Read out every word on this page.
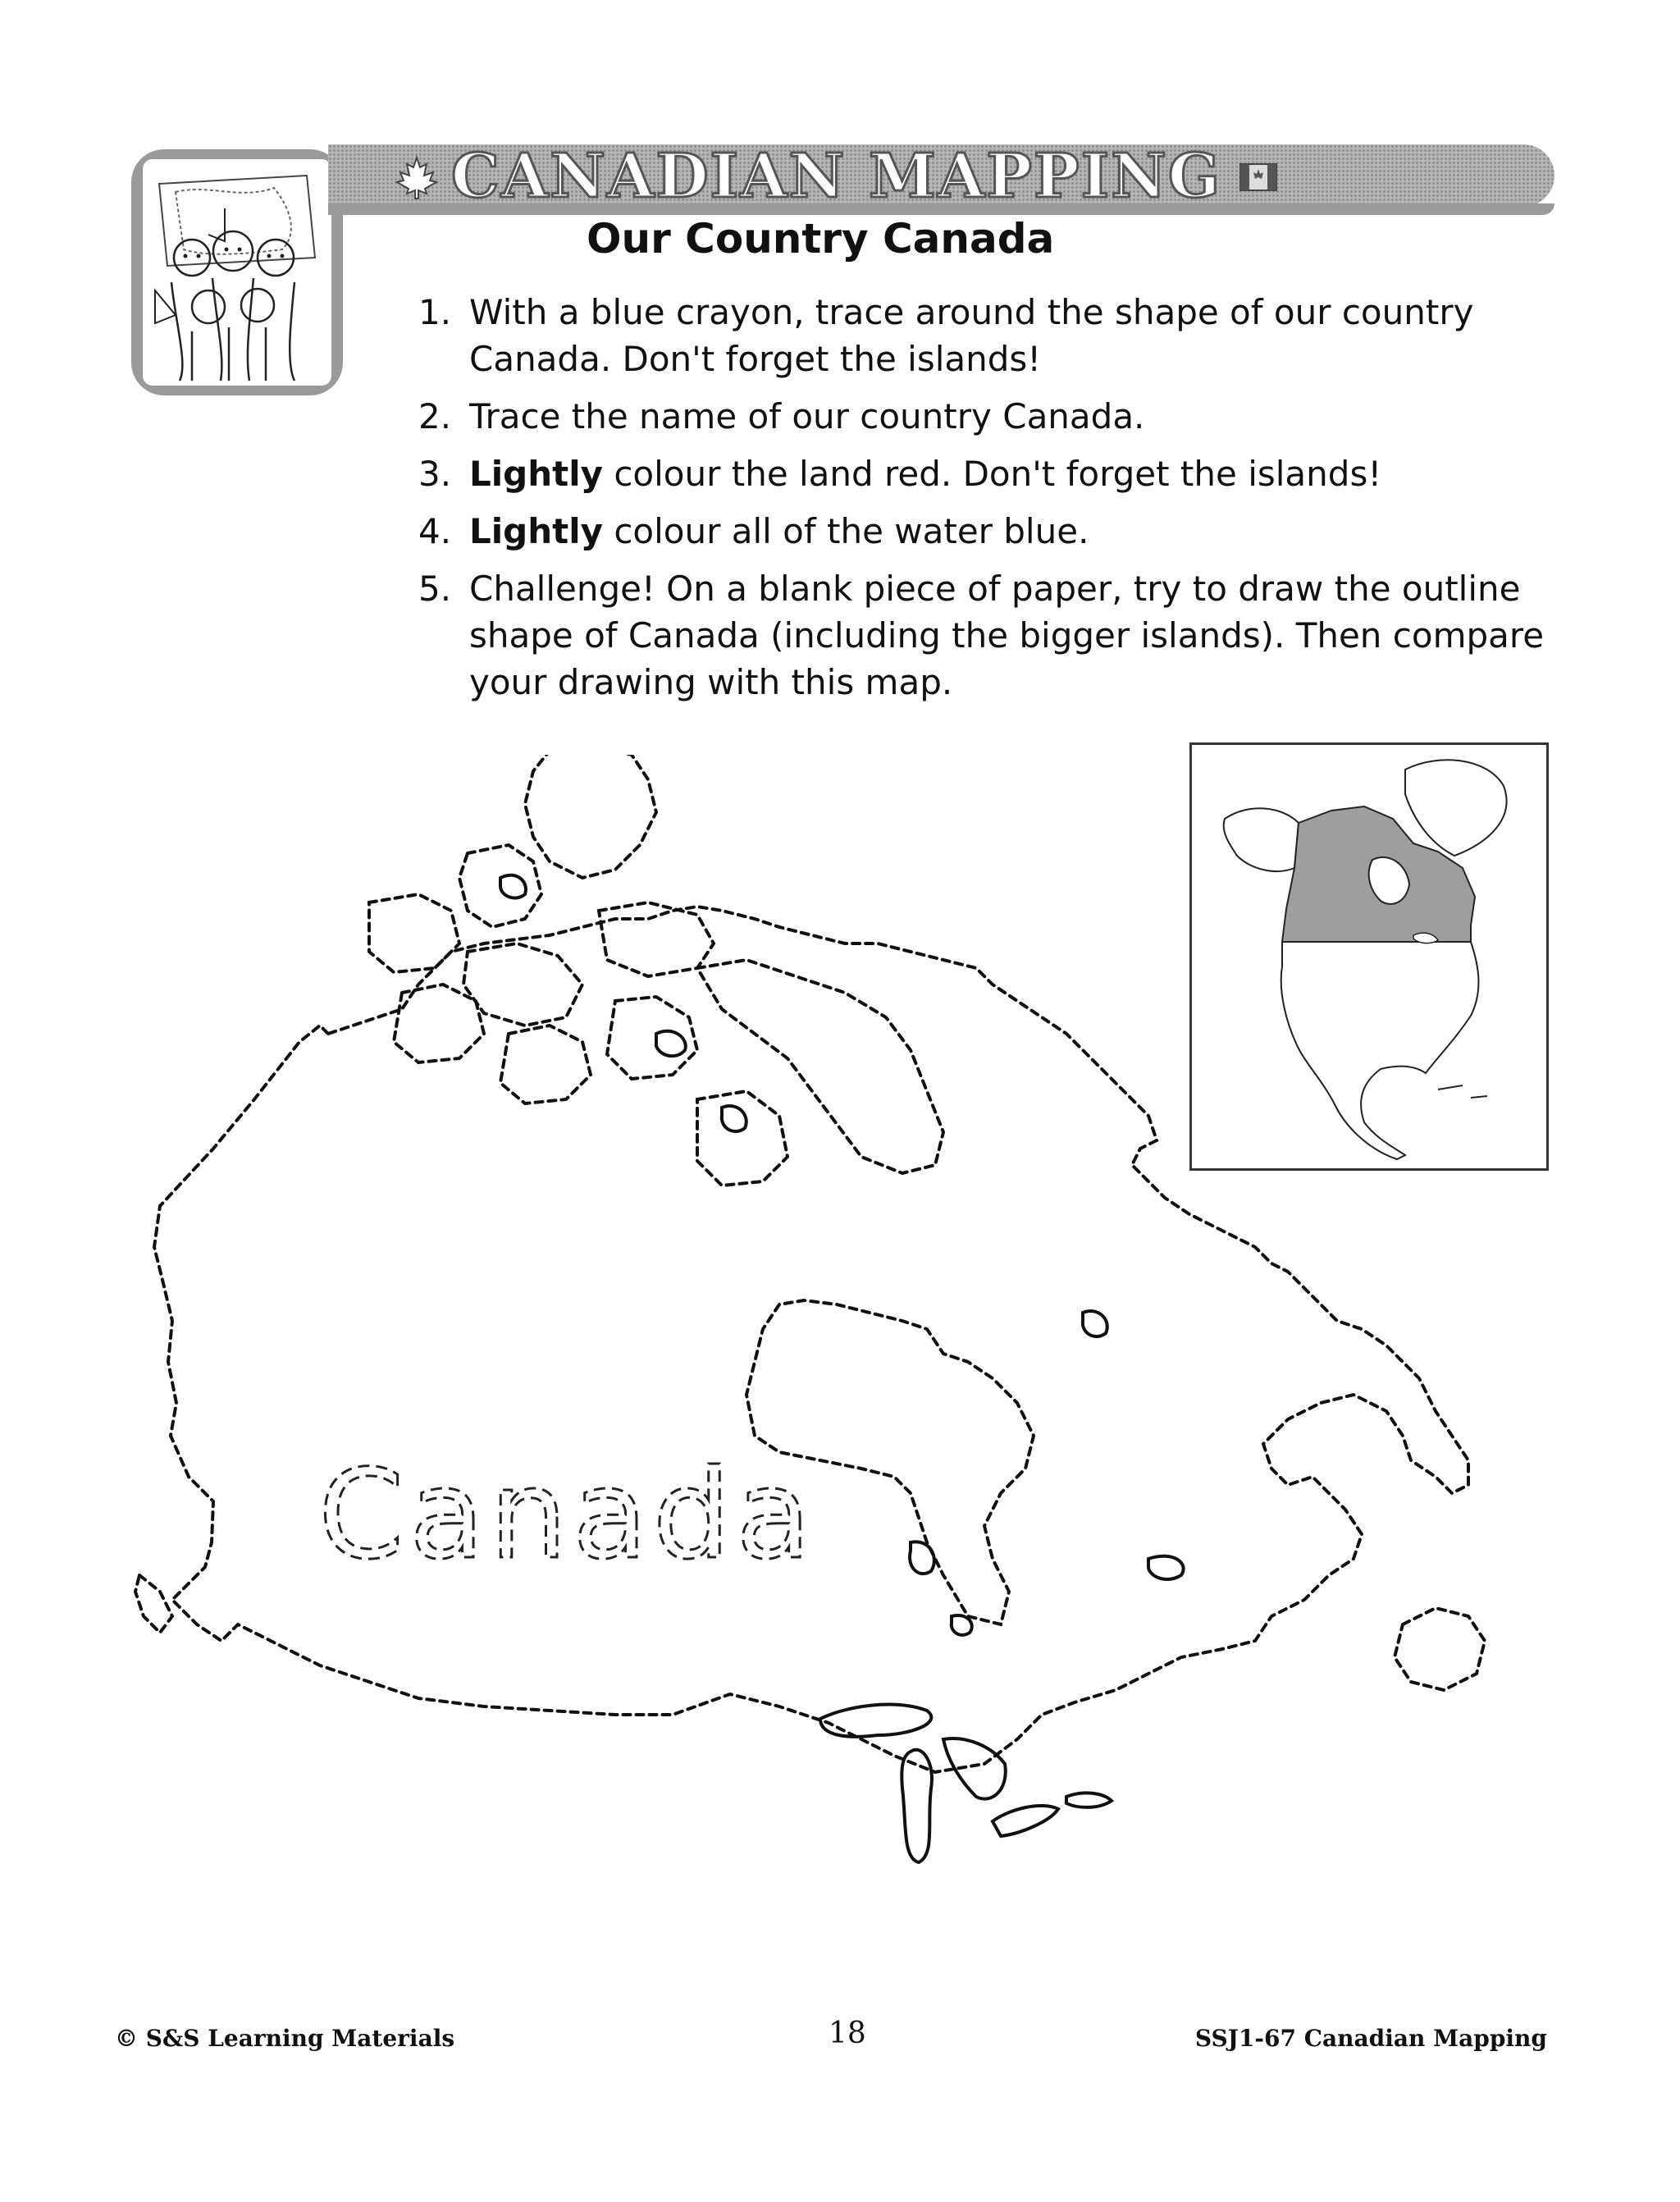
CANADIAN MAPPING
Our Country Canada
1. With a blue crayon, trace around the shape of our country Canada. Don't forget the islands!
2. Trace the name of our country Canada.
3. Lightly colour the land red. Don't forget the islands!
4. Lightly colour all of the water blue.
5. Challenge! On a blank piece of paper, try to draw the outline shape of Canada (including the bigger islands). Then compare your drawing with this map.
Canada
© S&S Learning Materials	18	SSJ1-67 Canadian Mapping
